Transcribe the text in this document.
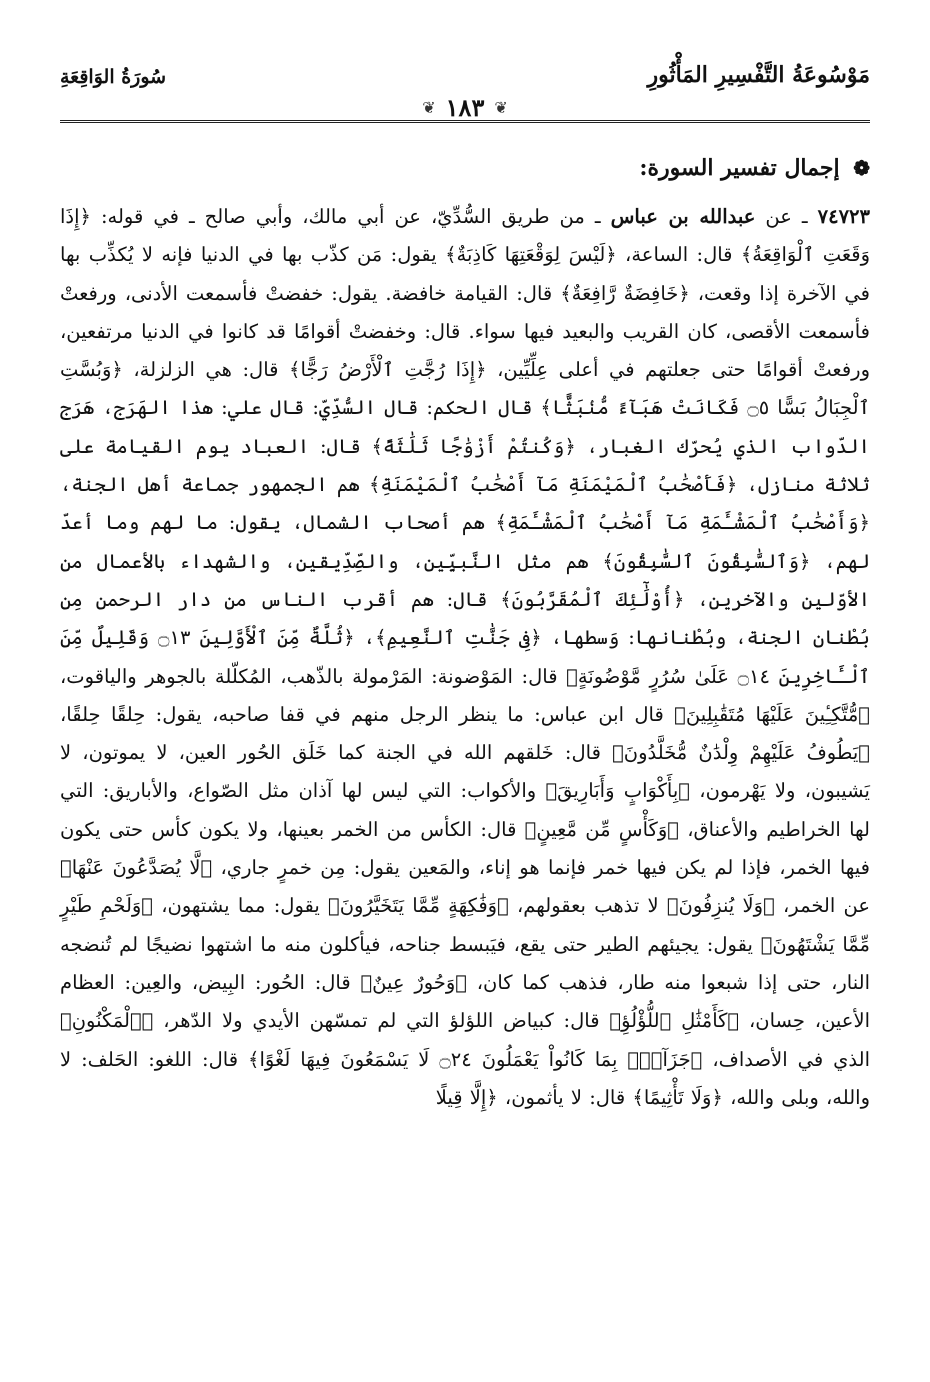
مَوْسُوعَةُ التَّفْسِيرِ المَأْثُورِ
سُورَةُ الوَاقِعَةِ
❦ ١٨٣ ❦
❁ إجمال تفسير السورة:

٧٤٧٢٣ ـ عن عبدالله بن عباس ـ من طريق السُّدِّيّ، عن أبي مالك، وأبي صالح ـ في قوله: ﴿إِذَا وَقَعَتِ ٱلْوَاقِعَةُ﴾ قال: الساعة، ﴿لَيْسَ لِوَقْعَتِهَا كَاذِبَةٌ﴾ يقول: مَن كذّب بها في الدنيا فإنه لا يُكذِّب بها في الآخرة إذا وقعت، ﴿خَافِضَةٌ رَّافِعَةٌ﴾ قال: القيامة خافضة. يقول: خفضتْ فأسمعت الأدنى، ورفعتْ فأسمعت الأقصى، كان القريب والبعيد فيها سواء. قال: وخفضتْ أقوامًا قد كانوا في الدنيا مرتفعين، ورفعتْ أقوامًا حتى جعلتهم في أعلى عِلِّيِّين، ﴿إِذَا رُجَّتِ ٱلْأَرْضُ رَجًّا﴾ قال: هي الزلزلة، ﴿وَبُسَّتِ ٱلْجِبَالُ بَسًّا ۝٥ فَكَانَتْ هَبَآءً مُّنۢبَثًّا﴾ قال الحكم: قال السُّدِّيّ: قال علي: هذا الهَرَج، هَرَج الدّواب الذي يُحرّك الغبار، ﴿وَكُنتُمْ أَزْوَٰجًا ثَلَٰثَةً﴾ قال: العباد يوم القيامة على ثلاثة منازل، ﴿فَأَصْحَٰبُ ٱلْمَيْمَنَةِ مَآ أَصْحَٰبُ ٱلْمَيْمَنَةِ﴾ هم الجمهور جماعة أهل الجنة، ﴿وَأَصْحَٰبُ ٱلْمَشْـَٔمَةِ مَآ أَصْحَٰبُ ٱلْمَشْـَٔمَةِ﴾ هم أصحاب الشمال، يقول: ما لهم وما أعدّ لهم، ﴿وَٱلسَّٰبِقُونَ ٱلسَّٰبِقُونَ﴾ هم مثل النَّبيِّين، والصِّدِّيقين، والشهداء بالأعمال من الأوّلين والآخرين، ﴿أُوْلَٰٓئِكَ ٱلْمُقَرَّبُونَ﴾ قال: هم أقرب الناس من دار الرحمن مِن بُطْنان الجنة، وبُطْنانها: وَسطها، ﴿فِى جَنَّٰتِ ٱلنَّعِيمِ﴾، ﴿ثُلَّةٌ مِّنَ ٱلْأَوَّلِينَ ۝١٣ وَقَلِيلٌ مِّنَ ٱلْـَٔاخِرِينَ ۝١٤ عَلَىٰ سُرُرٍ مَّوْضُونَةٍ﴾ قال: المَوْضونة: المَرْمولة بالذّهب، المُكلّلة بالجوهر والياقوت، ﴿مُّتَّكِـِٔينَ عَلَيْهَا مُتَقَٰبِلِينَ﴾ قال ابن عباس: ما ينظر الرجل منهم في قفا صاحبه، يقول: حِلقًا حِلقًا، ﴿يَطُوفُ عَلَيْهِمْ وِلْدَٰنٌ مُّخَلَّدُونَ﴾ قال: خَلقهم الله في الجنة كما خَلَق الحُور العين، لا يموتون، لا يَشيبون، ولا يَهْرمون، ﴿بِأَكْوَابٍ وَأَبَارِيقَ﴾ والأكواب: التي ليس لها آذان مثل الصّواع، والأباريق: التي لها الخراطيم والأعناق، ﴿وَكَأْسٍ مِّن مَّعِينٍ﴾ قال: الكأس من الخمر بعينها، ولا يكون كأس حتى يكون فيها الخمر، فإذا لم يكن فيها خمر فإنما هو إناء، والمَعين يقول: مِن خمرٍ جاري، ﴿لَّا يُصَدَّعُونَ عَنْهَا﴾ عن الخمر، ﴿وَلَا يُنزِفُونَ﴾ لا تذهب بعقولهم، ﴿وَفَٰكِهَةٍ مِّمَّا يَتَخَيَّرُونَ﴾ يقول: مما يشتهون، ﴿وَلَحْمِ طَيْرٍ مِّمَّا يَشْتَهُونَ﴾ يقول: يجيئهم الطير حتى يقع، فيَبسط جناحه، فيأكلون منه ما اشتهوا نضيجًا لم تُنضجه النار، حتى إذا شبعوا منه طار، فذهب كما كان، ﴿وَحُورٌ عِينٌ﴾ قال: الحُور: البِيض، والعِين: العظام الأعين، حِسان، ﴿كَأَمْثَٰلِ ٱللُّؤْلُؤِ﴾ قال: كبياض اللؤلؤ التي لم تمسّهن الأيدي ولا الدّهر، ﴿ٱلْمَكْنُونِ﴾ الذي في الأصداف، ﴿جَزَآءًۢ بِمَا كَانُواْ يَعْمَلُونَ ۝٢٤ لَا يَسْمَعُونَ فِيهَا لَغْوًا﴾ قال: اللغو: الحَلف: لا والله، وبلى والله، ﴿وَلَا تَأْثِيمًا﴾ قال: لا يأثمون، ﴿إِلَّا قِيلًا
